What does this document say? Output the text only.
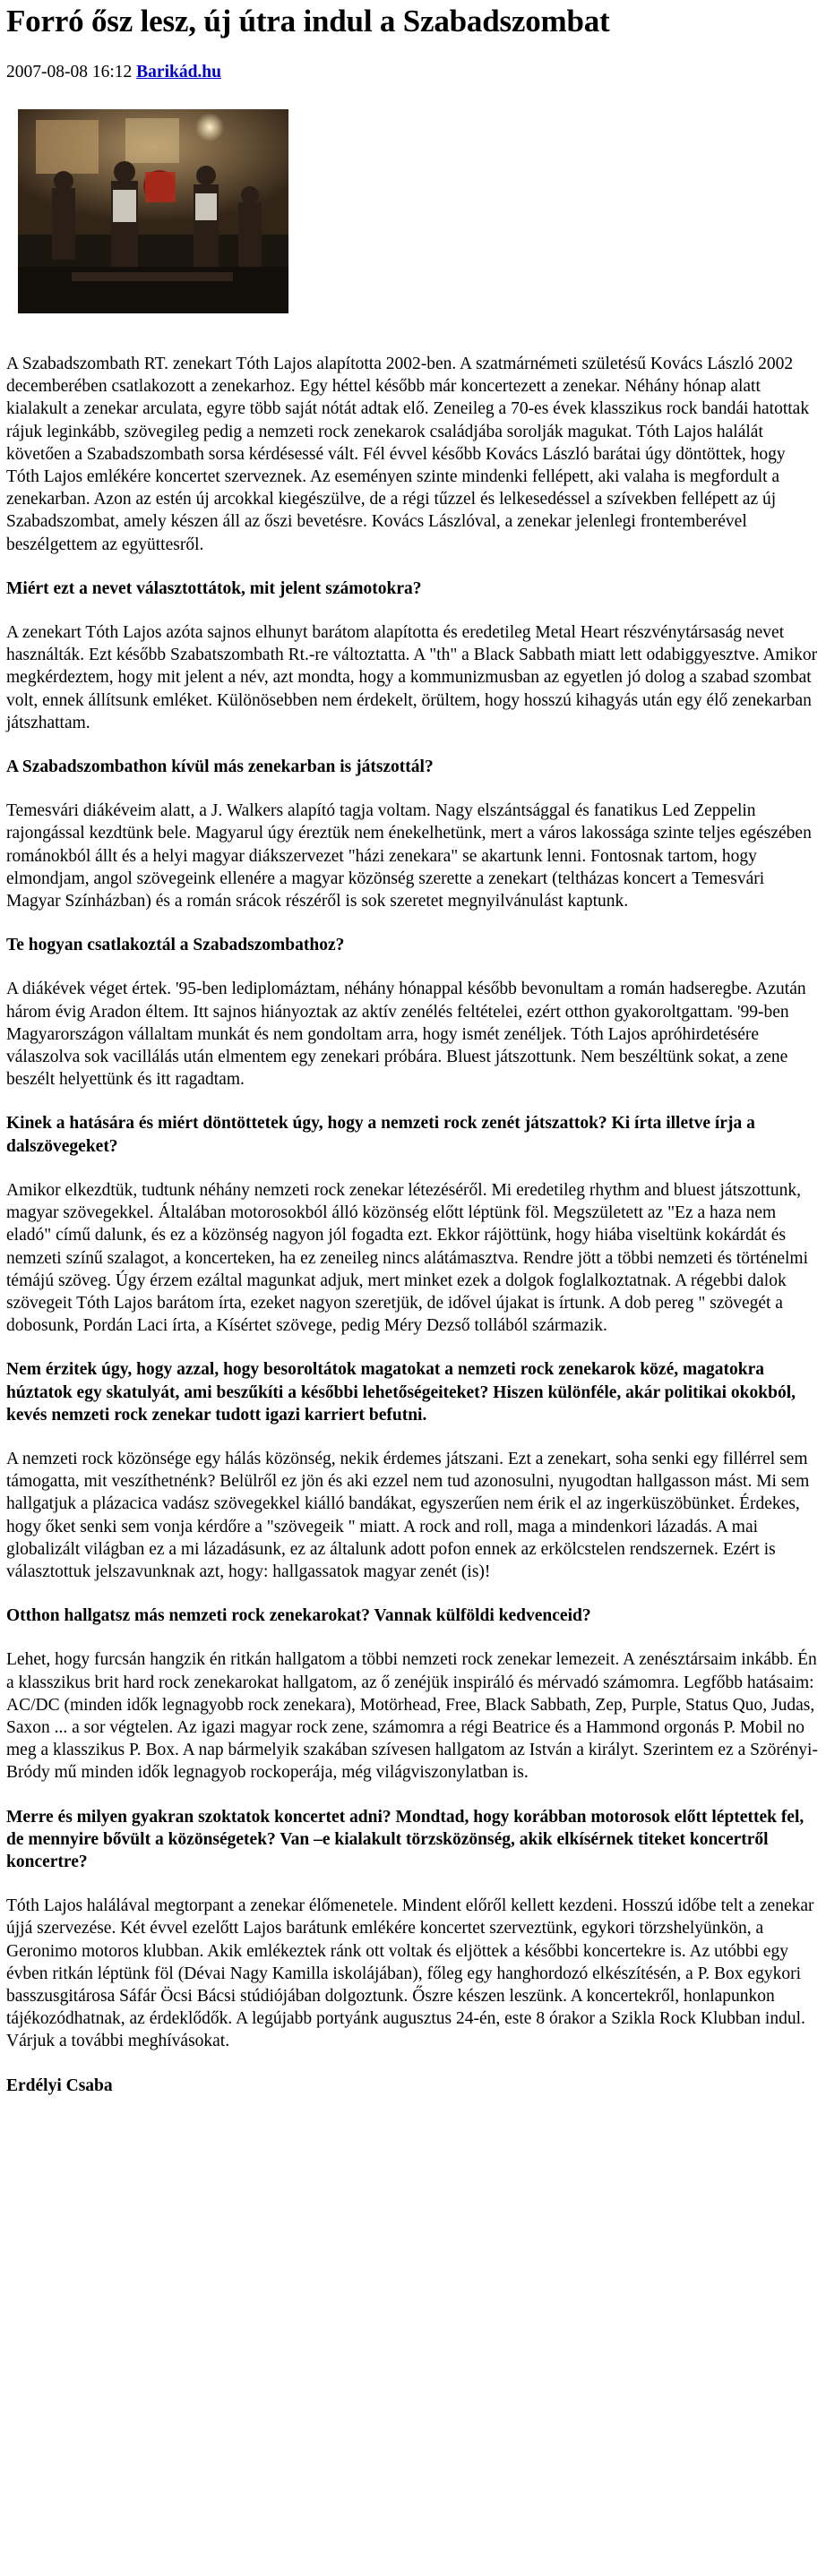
Forró ősz lesz, új útra indul a Szabadszombat
2007-08-08 16:12 Barikád.hu

A Szabadszombath RT. zenekart Tóth Lajos alapította 2002-ben. A szatmárnémeti születésű Kovács László 2002 decemberében csatlakozott a zenekarhoz. Egy héttel később már koncertezett a zenekar. Néhány hónap alatt kialakult a zenekar arculata, egyre több saját nótát adtak elő. Zeneileg a 70-es évek klasszikus rock bandái hatottak rájuk leginkább, szövegileg pedig a nemzeti rock zenekarok családjába sorolják magukat. Tóth Lajos halálát követően a Szabadszombath sorsa kérdésessé vált. Fél évvel később Kovács László barátai úgy döntöttek, hogy Tóth Lajos emlékére koncertet szerveznek. Az eseményen szinte mindenki fellépett, aki valaha is megfordult a zenekarban. Azon az estén új arcokkal kiegészülve, de a régi tűzzel és lelkesedéssel a szívekben fellépett az új Szabadszombat, amely készen áll az őszi bevetésre. Kovács Lászlóval, a zenekar jelenlegi frontemberével beszélgettem az együttesről.

Miért ezt a nevet választottátok, mit jelent számotokra?

A zenekart Tóth Lajos azóta sajnos elhunyt barátom alapította és eredetileg Metal Heart részvénytársaság nevet használták. Ezt később Szabatszombath Rt.-re változtatta. A "th" a Black Sabbath miatt lett odabiggyesztve. Amikor megkérdeztem, hogy mit jelent a név, azt mondta, hogy a kommunizmusban az egyetlen jó dolog a szabad szombat volt, ennek állítsunk emléket. Különösebben nem érdekelt, örültem, hogy hosszú kihagyás után egy élő zenekarban játszhattam.

A Szabadszombathon kívül más zenekarban is játszottál?

Temesvári diákéveim alatt, a J. Walkers alapító tagja voltam. Nagy elszántsággal és fanatikus Led Zeppelin rajongással kezdtünk bele. Magyarul úgy éreztük nem énekelhetünk, mert a város lakossága szinte teljes egészében románokból állt és a helyi magyar diákszervezet "házi zenekara" se akartunk lenni. Fontosnak tartom, hogy elmondjam, angol szövegeink ellenére a magyar közönség szerette a zenekart (teltházas koncert a Temesvári Magyar Színházban) és a román srácok részéről is sok szeretet megnyilvánulást kaptunk.

Te hogyan csatlakoztál a Szabadszombathoz?

A diákévek véget értek. '95-ben lediplomáztam, néhány hónappal később bevonultam a román hadseregbe. Azután három évig Aradon éltem. Itt sajnos hiányoztak az aktív zenélés feltételei, ezért otthon gyakoroltgattam. '99-ben Magyarországon vállaltam munkát és nem gondoltam arra, hogy ismét zenéljek. Tóth Lajos apróhirdetésére válaszolva sok vacillálás után elmentem egy zenekari próbára. Bluest játszottunk. Nem beszéltünk sokat, a zene beszélt helyettünk és itt ragadtam.

Kinek a hatására és miért döntöttetek úgy, hogy a nemzeti rock zenét játszattok? Ki írta illetve írja a dalszövegeket?

Amikor elkezdtük, tudtunk néhány nemzeti rock zenekar létezéséről. Mi eredetileg rhythm and bluest játszottunk, magyar szövegekkel. Általában motorosokból álló közönség előtt léptünk föl. Megszületett az "Ez a haza nem eladó" című dalunk, és ez a közönség nagyon jól fogadta ezt. Ekkor rájöttünk, hogy hiába viseltünk kokárdát és nemzeti színű szalagot, a koncerteken, ha ez zeneileg nincs alátámasztva. Rendre jött a többi nemzeti és történelmi témájú szöveg. Úgy érzem ezáltal magunkat adjuk, mert minket ezek a dolgok foglalkoztatnak. A régebbi dalok szövegeit Tóth Lajos barátom írta, ezeket nagyon szeretjük, de idővel újakat is írtunk. A dob pereg " szövegét a dobosunk, Pordán Laci írta, a Kísértet szövege, pedig Méry Dezső tollából származik.

Nem érzitek úgy, hogy azzal, hogy besoroltátok magatokat a nemzeti rock zenekarok közé, magatokra húztatok egy skatulyát, ami beszűkíti a későbbi lehetőségeiteket? Hiszen különféle, akár politikai okokból, kevés nemzeti rock zenekar tudott igazi karriert befutni.

A nemzeti rock közönsége egy hálás közönség, nekik érdemes játszani. Ezt a zenekart, soha senki egy fillérrel sem támogatta, mit veszíthetnénk? Belülről ez jön és aki ezzel nem tud azonosulni, nyugodtan hallgasson mást. Mi sem hallgatjuk a plázacica vadász szövegekkel kiálló bandákat, egyszerűen nem érik el az ingerküszöbünket. Érdekes, hogy őket senki sem vonja kérdőre a "szövegeik " miatt. A rock and roll, maga a mindenkori lázadás. A mai globalizált világban ez a mi lázadásunk, ez az általunk adott pofon ennek az erkölcstelen rendszernek. Ezért is választottuk jelszavunknak azt, hogy: hallgassatok magyar zenét (is)!

Otthon hallgatsz más nemzeti rock zenekarokat? Vannak külföldi kedvenceid?

Lehet, hogy furcsán hangzik én ritkán hallgatom a többi nemzeti rock zenekar lemezeit. A zenésztársaim inkább. Én a klasszikus brit hard rock zenekarokat hallgatom, az ő zenéjük inspiráló és mérvadó számomra. Legfőbb hatásaim: AC/DC (minden idők legnagyobb rock zenekara), Motörhead, Free, Black Sabbath, Zep, Purple, Status Quo, Judas, Saxon ... a sor végtelen. Az igazi magyar rock zene, számomra a régi Beatrice és a Hammond orgonás P. Mobil no meg a klasszikus P. Box. A nap bármelyik szakában szívesen hallgatom az István a királyt. Szerintem ez a Szörényi-Bródy mű minden idők legnagyob rockoperája, még világviszonylatban is.

Merre és milyen gyakran szoktatok koncertet adni? Mondtad, hogy korábban motorosok előtt léptettek fel, de mennyire bővült a közönségetek? Van –e kialakult törzsközönség, akik elkísérnek titeket koncertről koncertre?

Tóth Lajos halálával megtorpant a zenekar élőmenetele. Mindent előről kellett kezdeni. Hosszú időbe telt a zenekar újjá szervezése. Két évvel ezelőtt Lajos barátunk emlékére koncertet szerveztünk, egykori törzshelyünkön, a Geronimo motoros klubban. Akik emlékeztek ránk ott voltak és eljöttek a későbbi koncertekre is. Az utóbbi egy évben ritkán léptünk föl (Dévai Nagy Kamilla iskolájában), főleg egy hanghordozó elkészítésén, a P. Box egykori basszusgitárosa Sáfár Öcsi Bácsi stúdiójában dolgoztunk. Őszre készen leszünk. A koncertekről, honlapunkon tájékozódhatnak, az érdeklődők. A legújabb portyánk augusztus 24-én, este 8 órakor a Szikla Rock Klubban indul. Várjuk a további meghívásokat.

Erdélyi Csaba
